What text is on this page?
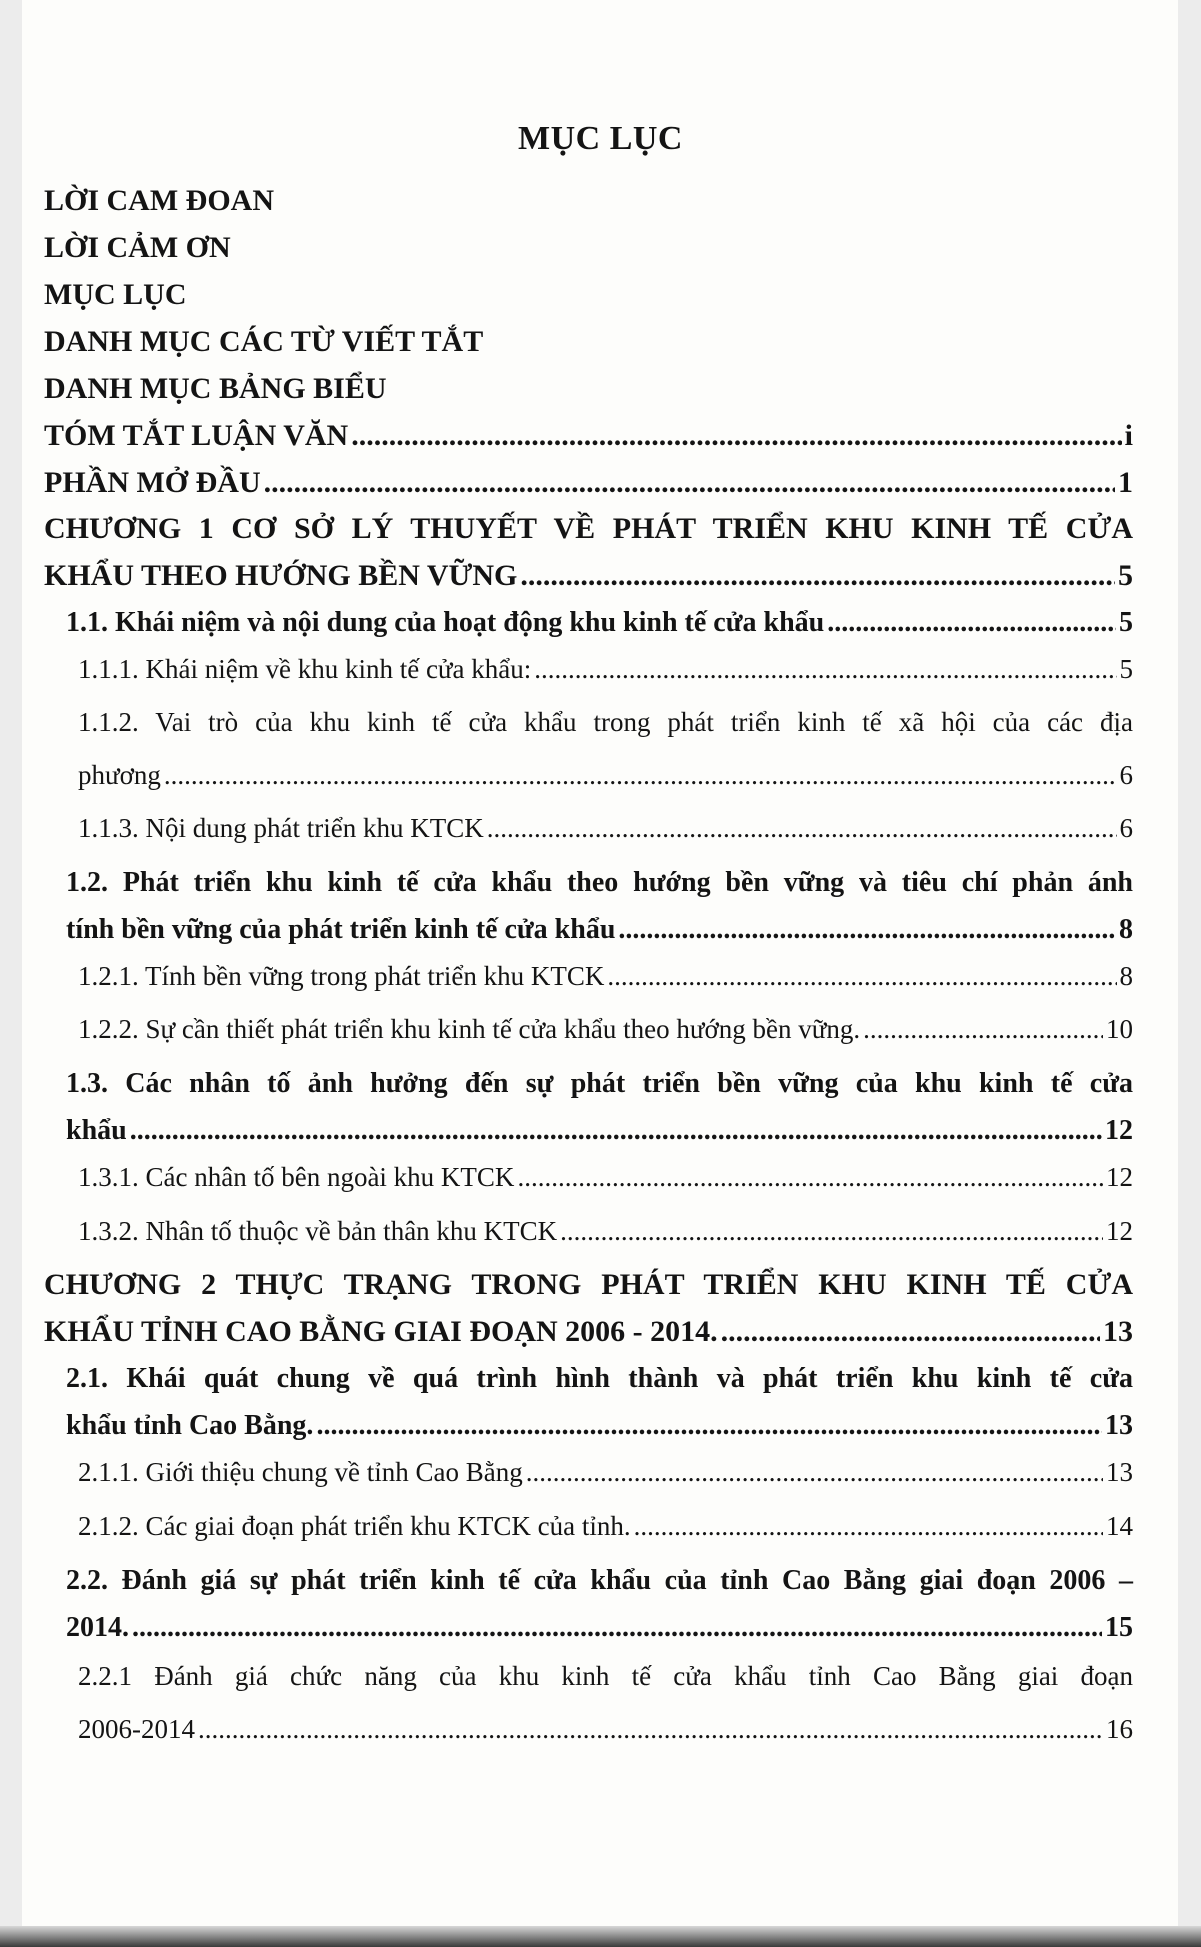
MỤC LỤC
LỜI CAM ĐOAN
LỜI CẢM ƠN
MỤC LỤC
DANH MỤC CÁC TỪ VIẾT TẮT
DANH MỤC BẢNG BIỂU
TÓM TẮT LUẬN VĂN .....	i
PHẦN MỞ ĐẦU .....	1
CHƯƠNG 1 CƠ SỞ LÝ THUYẾT VỀ PHÁT TRIỂN KHU KINH TẾ CỬA
KHẨU THEO HƯỚNG BỀN VỮNG .....	5
1.1. Khái niệm và nội dung của hoạt động khu kinh tế cửa khẩu .....	5
1.1.1. Khái niệm về khu kinh tế cửa khẩu: .....	5
1.1.2. Vai trò của khu kinh tế cửa khẩu trong phát triển kinh tế xã hội của các địa
phương .....	6
1.1.3. Nội dung phát triển khu KTCK .....	6
1.2. Phát triển khu kinh tế cửa khẩu theo hướng bền vững và tiêu chí phản ánh
tính bền vững của phát triển kinh tế cửa khẩu .....	8
1.2.1. Tính bền vững trong phát triển khu KTCK .....	8
1.2.2. Sự cần thiết phát triển khu kinh tế cửa khẩu theo hướng bền vững. .....	10
1.3. Các nhân tố ảnh hưởng đến sự phát triển bền vững của khu kinh tế cửa
khẩu .....	12
1.3.1. Các nhân tố bên ngoài khu KTCK .....	12
1.3.2. Nhân tố thuộc về bản thân khu KTCK .....	12
CHƯƠNG 2 THỰC TRẠNG TRONG PHÁT TRIỂN KHU KINH TẾ CỬA
KHẨU TỈNH CAO BẰNG GIAI ĐOẠN 2006 - 2014. .....	13
2.1. Khái quát chung về quá trình hình thành và phát triển khu kinh tế cửa
khẩu tỉnh Cao Bằng. .....	13
2.1.1. Giới thiệu chung về tỉnh Cao Bằng .....	13
2.1.2. Các giai đoạn phát triển khu KTCK của tỉnh. .....	14
2.2. Đánh giá sự phát triển kinh tế cửa khẩu của tỉnh Cao Bằng giai đoạn 2006 –
2014. .....	15
2.2.1 Đánh giá chức năng của khu kinh tế cửa khẩu tỉnh Cao Bằng giai đoạn
2006-2014 .....	16
